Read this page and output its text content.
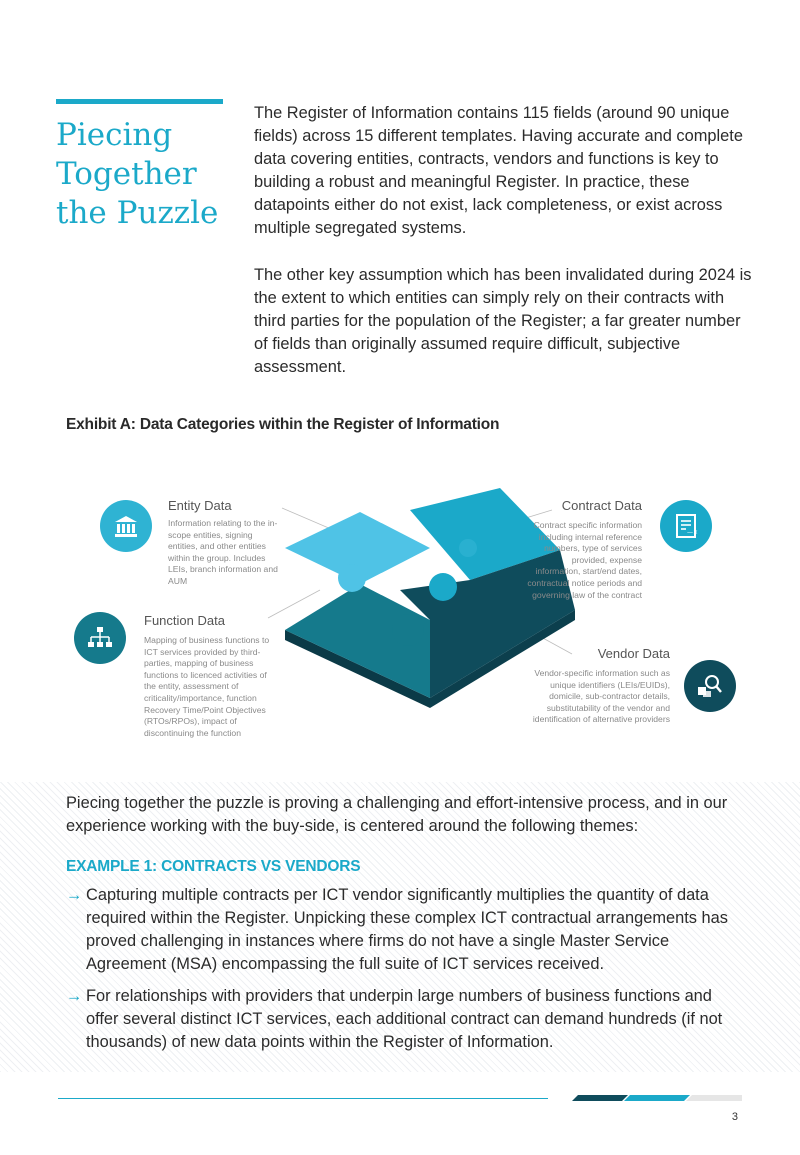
Piecing
Together
the Puzzle

The Register of Information contains 115 fields (around 90 unique fields) across 15 different templates. Having accurate and complete data covering entities, contracts, vendors and functions is key to building a robust and meaningful Register. In practice, these datapoints either do not exist, lack completeness, or exist across multiple segregated systems.

The other key assumption which has been invalidated during 2024 is the extent to which entities can simply rely on their contracts with third parties for the population of the Register; a far greater number of fields than originally assumed require difficult, subjective assessment.

Exhibit A: Data Categories within the Register of Information
Entity Data
Information relating to the in-scope entities, signing entities, and other entities within the group. Includes LEIs, branch information and AUM
—×
Contract Data
Contract specific information including internal reference numbers, type of services provided, expense information, start/end dates, contractual notice periods and governing law of the contract
Function Data
Mapping of business functions to ICT services provided by third-parties, mapping of business functions to licenced activities of the entity, assessment of criticality/importance, function Recovery Time/Point Objectives (RTOs/RPOs), impact of discontinuing the function
Vendor Data
Vendor-specific information such as unique identifiers (LEIs/EUIDs), domicile, sub-contractor details, substitutability of the vendor and identification of alternative providers

Piecing together the puzzle is proving a challenging and effort-intensive process, and in our experience working with the buy-side, is centered around the following themes:

EXAMPLE 1: CONTRACTS VS VENDORS
→ Capturing multiple contracts per ICT vendor significantly multiplies the quantity of data required within the Register. Unpicking these complex ICT contractual arrangements has proved challenging in instances where firms do not have a single Master Service Agreement (MSA) encompassing the full suite of ICT services received.
→ For relationships with providers that underpin large numbers of business functions and offer several distinct ICT services, each additional contract can demand hundreds (if not thousands) of new data points within the Register of Information.
3
